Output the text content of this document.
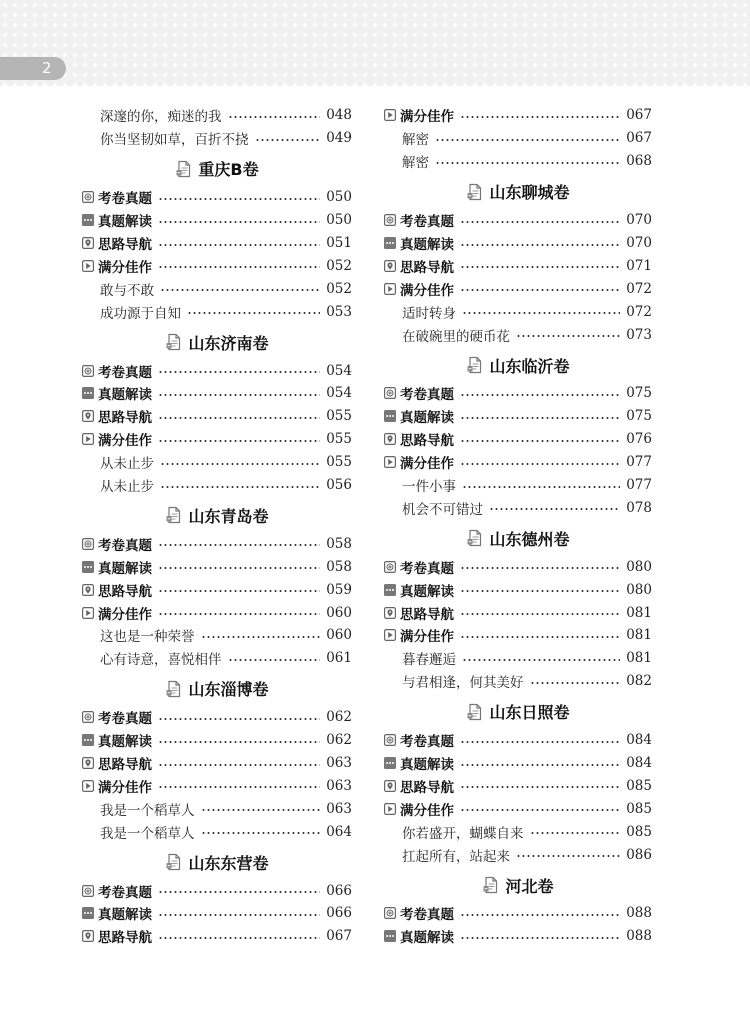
2
深邃的你，痴迷的我	048
你当坚韧如草，百折不挠	049
重庆B卷
考卷真题	050
真题解读	050
思路导航	051
满分佳作	052
敢与不敢	052
成功源于自知	053
山东济南卷
考卷真题	054
真题解读	054
思路导航	055
满分佳作	055
从未止步	055
从未止步	056
山东青岛卷
考卷真题	058
真题解读	058
思路导航	059
满分佳作	060
这也是一种荣誉	060
心有诗意，喜悦相伴	061
山东淄博卷
考卷真题	062
真题解读	062
思路导航	063
满分佳作	063
我是一个稻草人	063
我是一个稻草人	064
山东东营卷
考卷真题	066
真题解读	066
思路导航	067
满分佳作	067
解密	067
解密	068
山东聊城卷
考卷真题	070
真题解读	070
思路导航	071
满分佳作	072
适时转身	072
在破碗里的硬币花	073
山东临沂卷
考卷真题	075
真题解读	075
思路导航	076
满分佳作	077
一件小事	077
机会不可错过	078
山东德州卷
考卷真题	080
真题解读	080
思路导航	081
满分佳作	081
暮春邂逅	081
与君相逢，何其美好	082
山东日照卷
考卷真题	084
真题解读	084
思路导航	085
满分佳作	085
你若盛开，蝴蝶自来	085
扛起所有，站起来	086
河北卷
考卷真题	088
真题解读	088
